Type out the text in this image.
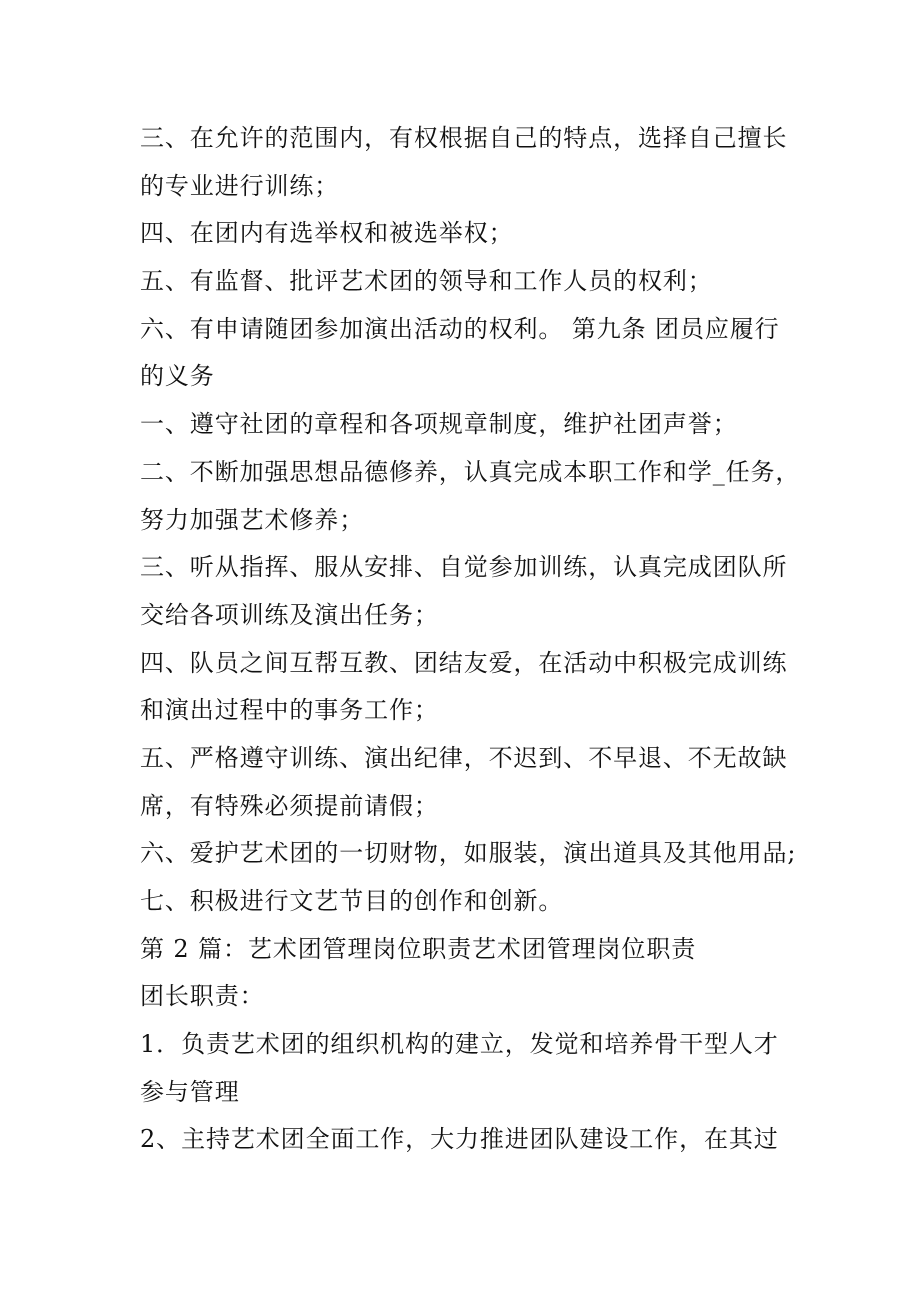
三、在允许的范围内，有权根据自己的特点，选择自己擅长
的专业进行训练；
四、在团内有选举权和被选举权；
五、有监督、批评艺术团的领导和工作人员的权利；
六、有申请随团参加演出活动的权利。 第九条 团员应履行
的义务
一、遵守社团的章程和各项规章制度，维护社团声誉；
二、不断加强思想品德修养，认真完成本职工作和学_任务，
努力加强艺术修养；
三、听从指挥、服从安排、自觉参加训练，认真完成团队所
交给各项训练及演出任务；
四、队员之间互帮互教、团结友爱，在活动中积极完成训练
和演出过程中的事务工作；
五、严格遵守训练、演出纪律，不迟到、不早退、不无故缺
席，有特殊必须提前请假；
六、爱护艺术团的一切财物，如服装，演出道具及其他用品;
七、积极进行文艺节目的创作和创新。
第 2 篇：艺术团管理岗位职责艺术团管理岗位职责
团长职责：
1．负责艺术团的组织机构的建立，发觉和培养骨干型人才
参与管理
2、主持艺术团全面工作，大力推进团队建设工作，在其过
